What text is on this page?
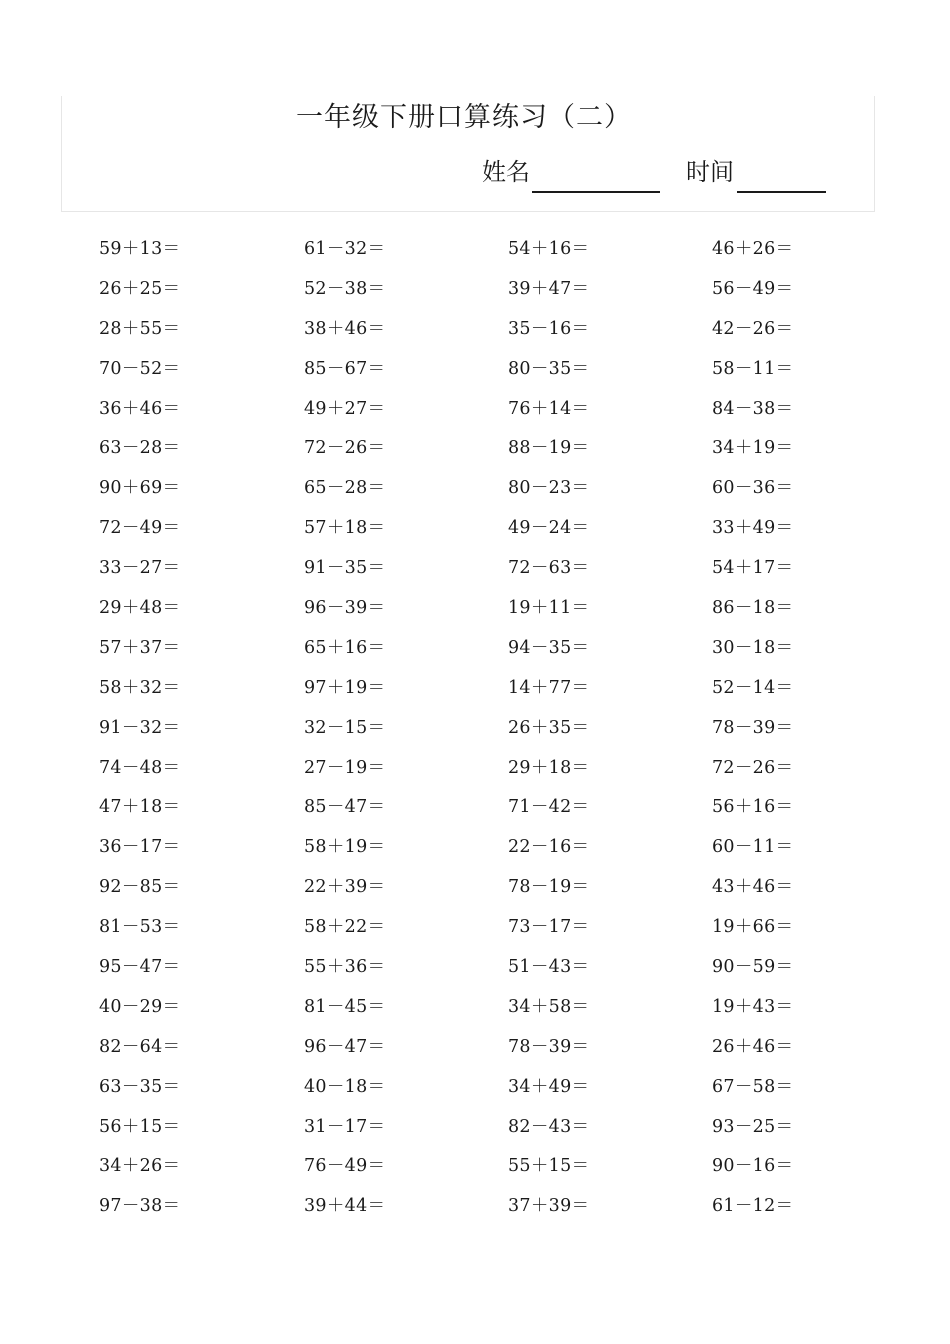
一年级下册口算练习（二）
姓名	时间
59＋13＝	61－32＝	54＋16＝	46＋26＝
26＋25＝	52－38＝	39＋47＝	56－49＝
28＋55＝	38＋46＝	35－16＝	42－26＝
70－52＝	85－67＝	80－35＝	58－11＝
36＋46＝	49＋27＝	76＋14＝	84－38＝
63－28＝	72－26＝	88－19＝	34＋19＝
90＋69＝	65－28＝	80－23＝	60－36＝
72－49＝	57＋18＝	49－24＝	33＋49＝
33－27＝	91－35＝	72－63＝	54＋17＝
29＋48＝	96－39＝	19＋11＝	86－18＝
57＋37＝	65＋16＝	94－35＝	30－18＝
58＋32＝	97＋19＝	14＋77＝	52－14＝
91－32＝	32－15＝	26＋35＝	78－39＝
74－48＝	27－19＝	29＋18＝	72－26＝
47＋18＝	85－47＝	71－42＝	56＋16＝
36－17＝	58＋19＝	22－16＝	60－11＝
92－85＝	22＋39＝	78－19＝	43＋46＝
81－53＝	58＋22＝	73－17＝	19＋66＝
95－47＝	55＋36＝	51－43＝	90－59＝
40－29＝	81－45＝	34＋58＝	19＋43＝
82－64＝	96－47＝	78－39＝	26＋46＝
63－35＝	40－18＝	34＋49＝	67－58＝
56＋15＝	31－17＝	82－43＝	93－25＝
34＋26＝	76－49＝	55＋15＝	90－16＝
97－38＝	39＋44＝	37＋39＝	61－12＝
